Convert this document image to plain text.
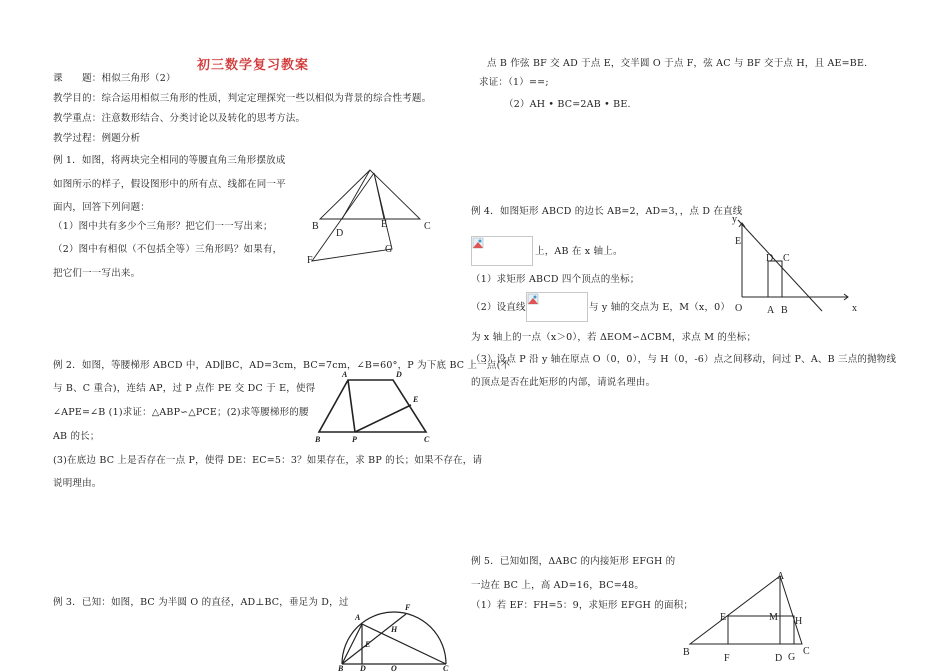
初三数学复习教案
课　　题：相似三角形（2）
教学目的：综合运用相似三角形的性质，判定定理探究一些以相似为背景的综合性考题。
教学重点：注意数形结合、分类讨论以及转化的思考方法。
教学过程：例题分析
例 1．如图，将两块完全相同的等腰直角三角形摆放成
如图所示的样子，假设图形中的所有点、线都在同一平
面内，回答下列问题：
（1）图中共有多少个三角形？把它们一一写出来；
（2）图中有相似（不包括全等）三角形吗？如果有，
把它们一一写出来。
B
D
E	C
G
F
例 2．如图，等腰梯形 ABCD 中，AD∥BC，AD=3cm，BC=7cm，∠B=60°，P 为下底 BC 上一点(不
与 B、C 重合)，连结 AP，过 P 点作 PE 交 DC 于 E，使得
∠APE=∠B (1)求证：△ABP∽△PCE；(2)求等腰梯形的腰
AB 的长；
(3)在底边 BC 上是否存在一点 P，使得 DE：EC=5：3？如果存在，求 BP 的长；如果不存在，请
说明理由。
A	D
E
B	P	C
例 3．已知：如图，BC 为半圆 O 的直径，AD⊥BC，垂足为 D，过	F
A
H
E
B D	O	C
点 B 作弦 BF 交 AD 于点 E，交半圆 O 于点 F，弦 AC 与 BF 交于点 H，且 AE=BE.
求证：（1）==;
（2）AH • BC=2AB • BE.
例 4．如图矩形 ABCD 的边长 AB=2，AD=3，，点 D 在直线
上，AB 在 x 轴上。
（1）求矩形 ABCD 四个顶点的坐标；
（2）设直线	与 y 轴的交点为 E，M（x，0）
为 x 轴上的一点（x＞0），若 ΔEOM∽ΔCBM，求点 M 的坐标；
（3）设点 P 沿 y 轴在原点 O（0，0），与 H（0，-6）点之间移动，问过 P、A、B 三点的抛物线
的顶点是否在此矩形的内部，请说名理由。
y
E
D C
O A B	x
例 5．已知如图，ΔABC 的内接矩形 EFGH 的
一边在 BC 上，高 AD=16，BC=48。
（1）若 EF：FH=5：9，求矩形 EFGH 的面积；
A
E	M H
B
F	D G
C
